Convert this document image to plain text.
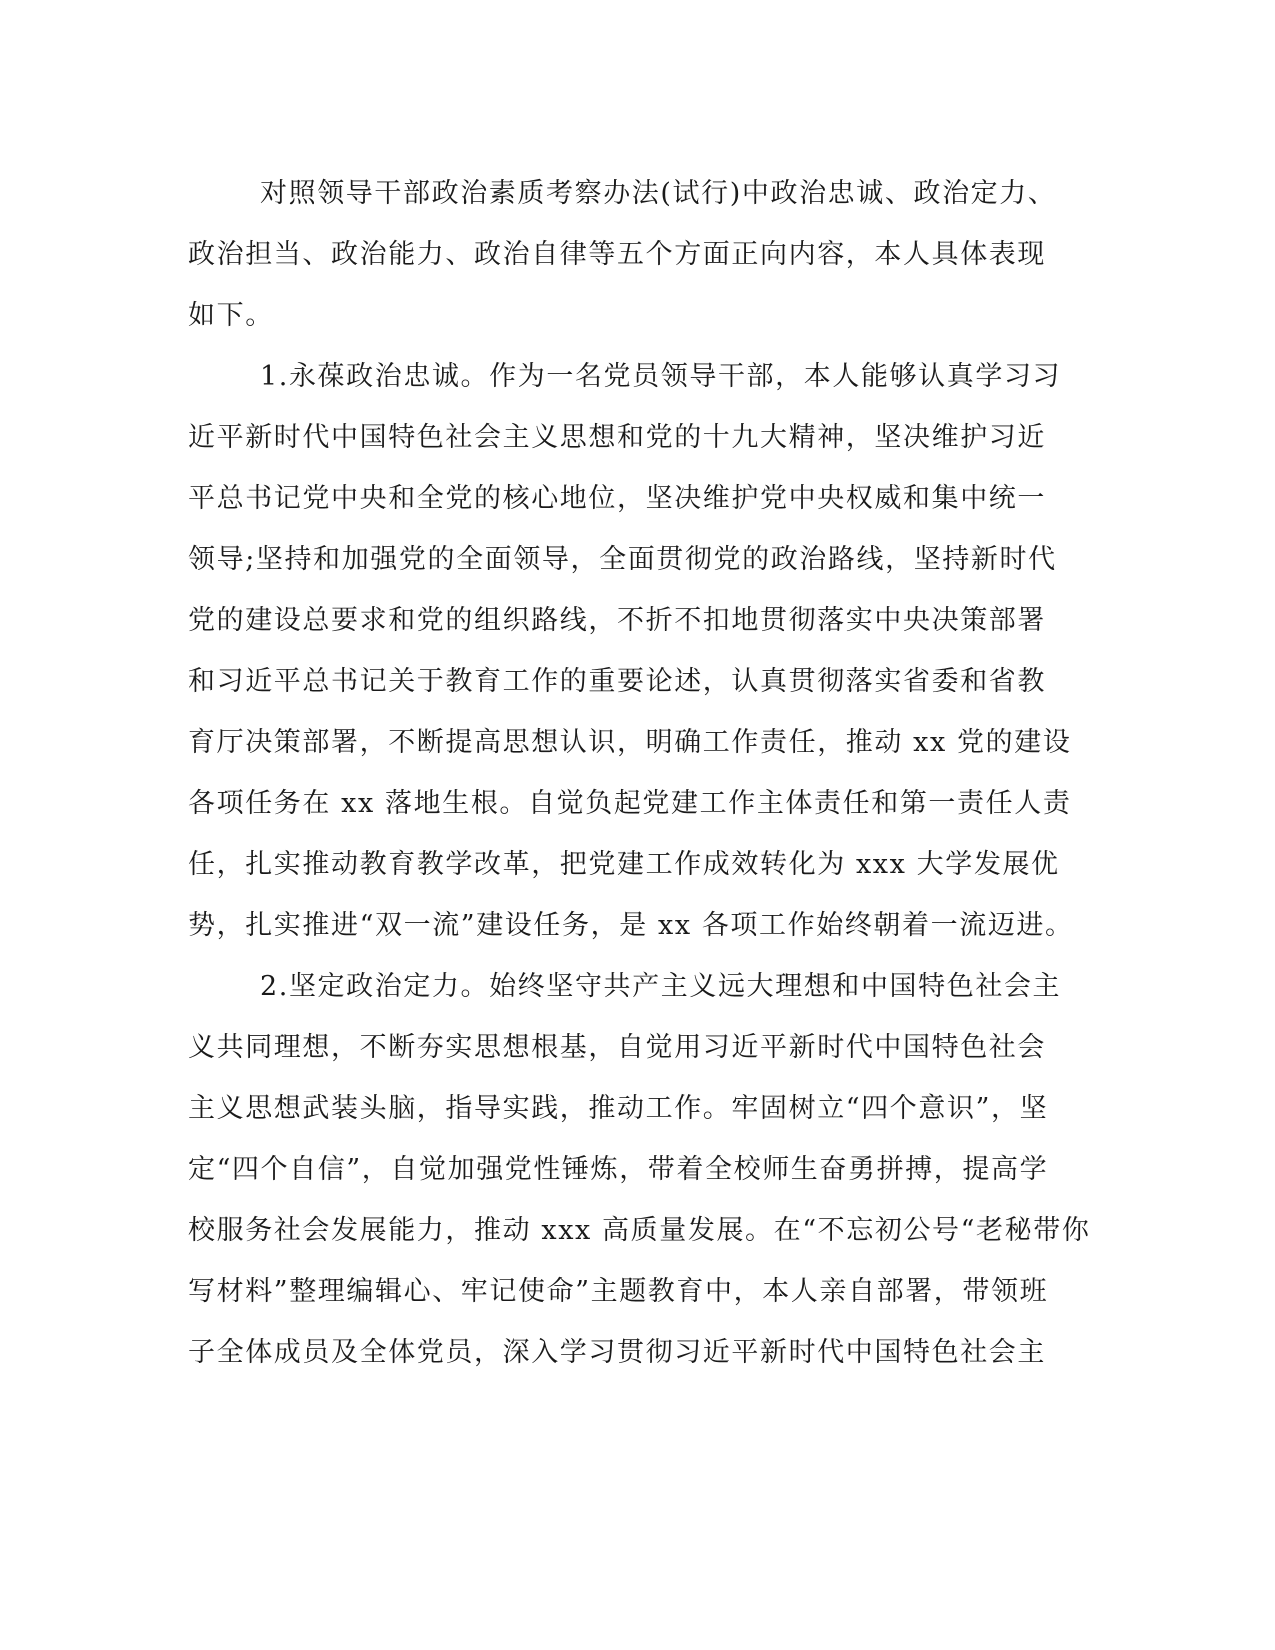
对照领导干部政治素质考察办法(试行)中政治忠诚、政治定力、
政治担当、政治能力、政治自律等五个方面正向内容，本人具体表现
如下。
1.永葆政治忠诚。作为一名党员领导干部，本人能够认真学习习
近平新时代中国特色社会主义思想和党的十九大精神，坚决维护习近
平总书记党中央和全党的核心地位，坚决维护党中央权威和集中统一
领导;坚持和加强党的全面领导，全面贯彻党的政治路线，坚持新时代
党的建设总要求和党的组织路线，不折不扣地贯彻落实中央决策部署
和习近平总书记关于教育工作的重要论述，认真贯彻落实省委和省教
育厅决策部署，不断提高思想认识，明确工作责任，推动 xx 党的建设
各项任务在 xx 落地生根。自觉负起党建工作主体责任和第一责任人责
任，扎实推动教育教学改革，把党建工作成效转化为 xxx 大学发展优
势，扎实推进“双一流”建设任务，是 xx 各项工作始终朝着一流迈进。
2.坚定政治定力。始终坚守共产主义远大理想和中国特色社会主
义共同理想，不断夯实思想根基，自觉用习近平新时代中国特色社会
主义思想武装头脑，指导实践，推动工作。牢固树立“四个意识”，坚
定“四个自信”，自觉加强党性锤炼，带着全校师生奋勇拼搏，提高学
校服务社会发展能力，推动 xxx 高质量发展。在“不忘初公号“老秘带你
写材料”整理编辑心、牢记使命”主题教育中，本人亲自部署，带领班
子全体成员及全体党员，深入学习贯彻习近平新时代中国特色社会主
